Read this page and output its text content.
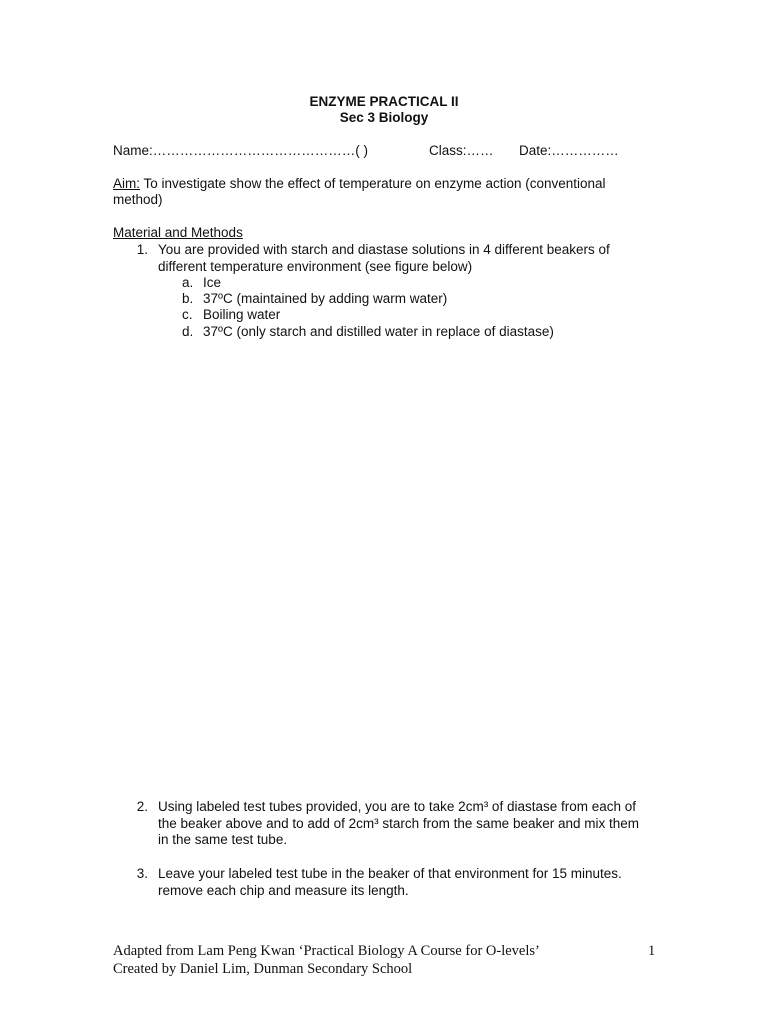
ENZYME PRACTICAL II
Sec 3 Biology
Name:………………………………………( )	Class:…… Date:……………
Aim: To investigate show the effect of temperature on enzyme action (conventional
method)
Material and Methods
1. You are provided with starch and diastase solutions in 4 different beakers of
different temperature environment (see figure below)
a. Ice
b. 37ºC (maintained by adding warm water)
c. Boiling water
d. 37ºC (only starch and distilled water in replace of diastase)
2. Using labeled test tubes provided, you are to take 2cm³ of diastase from each of
the beaker above and to add of 2cm³ starch from the same beaker and mix them
in the same test tube.
3. Leave your labeled test tube in the beaker of that environment for 15 minutes.
remove each chip and measure its length.
Adapted from Lam Peng Kwan ‘Practical Biology A Course for O-levels’
Created by Daniel Lim, Dunman Secondary School
1
